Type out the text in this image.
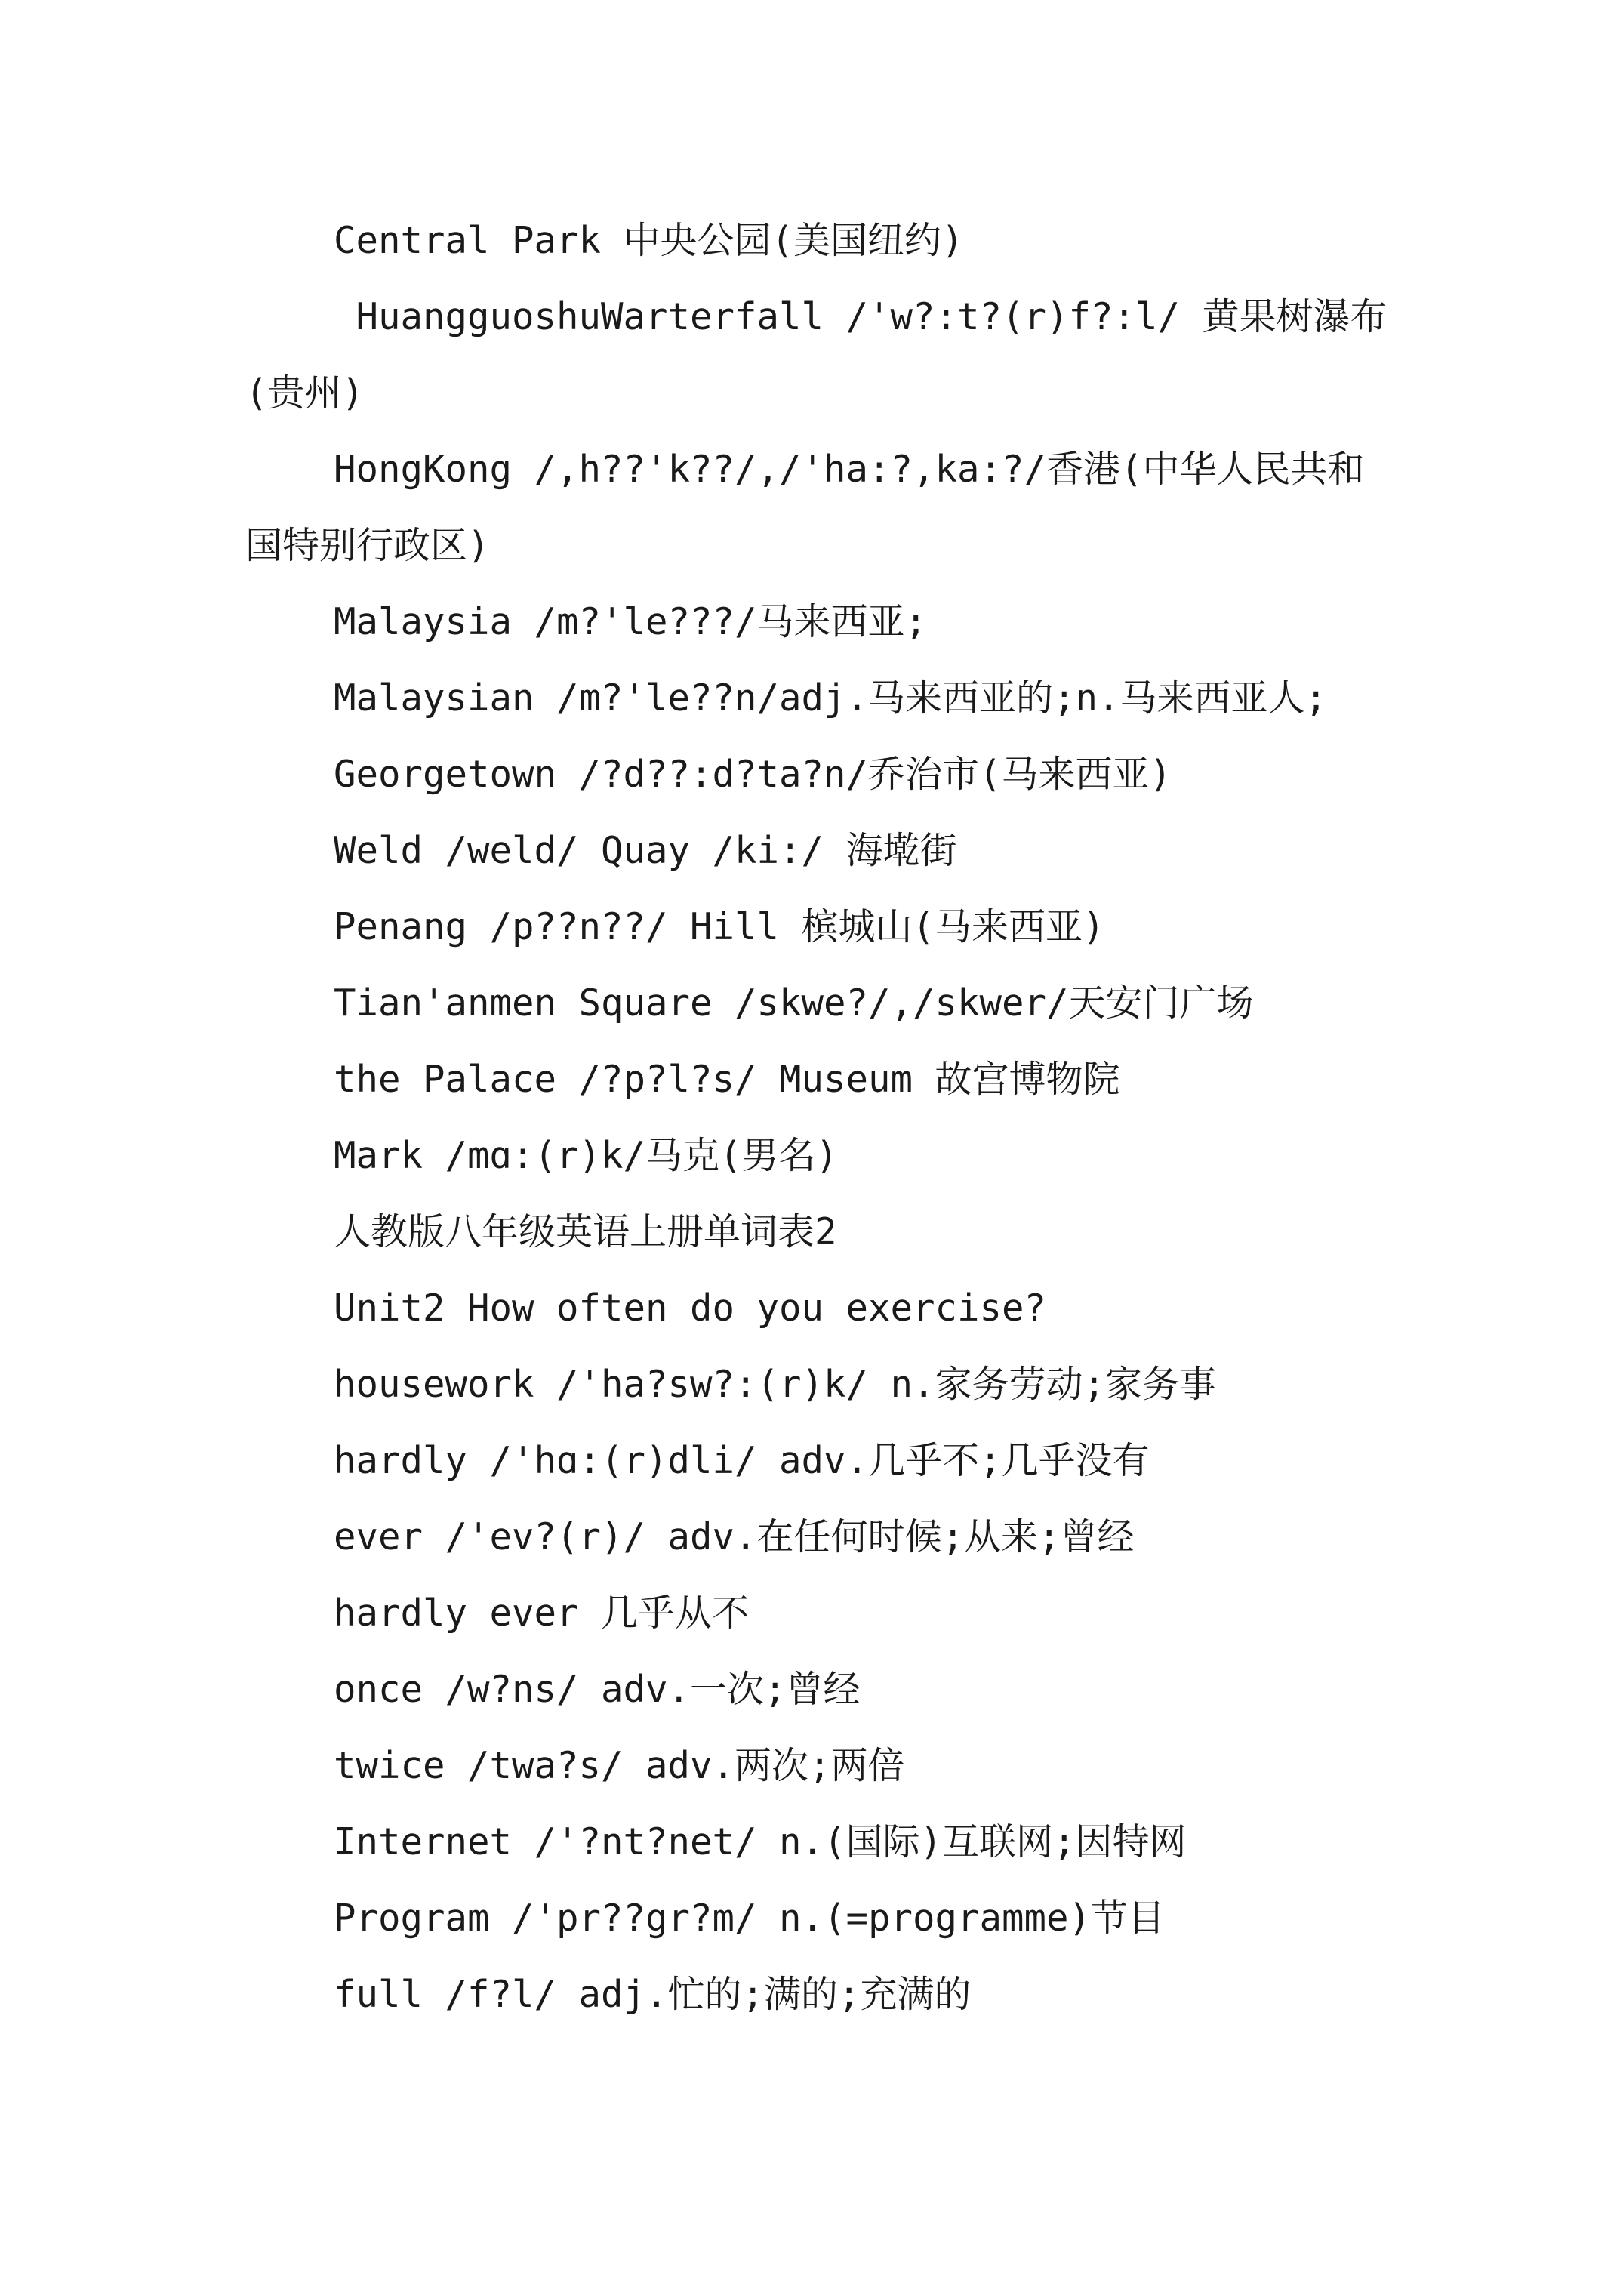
Central Park 中央公园(美国纽约)
HuangguoshuWarterfall /'w?:t?(r)f?:l/ 黄果树瀑布(贵州)
HongKong /,h??'k??/,/'ha:?,ka:?/香港(中华人民共和国特别行政区)
Malaysia /m?'le???/马来西亚;
Malaysian /m?'le??n/adj.马来西亚的;n.马来西亚人;
Georgetown /?d??:d?ta?n/乔治市(马来西亚)
Weld /weld/ Quay /ki:/ 海墘街
Penang /p??n??/ Hill 槟城山(马来西亚)
Tian'anmen Square /skwe?/,/skwer/天安门广场
the Palace /?p?l?s/ Museum 故宫博物院
Mark /mɑ:(r)k/马克(男名)
人教版八年级英语上册单词表2
Unit2 How often do you exercise?
housework /'ha?sw?:(r)k/ n.家务劳动;家务事
hardly /'hɑ:(r)dli/ adv.几乎不;几乎没有
ever /'ev?(r)/ adv.在任何时候;从来;曾经
hardly ever 几乎从不
once /w?ns/ adv.一次;曾经
twice /twa?s/ adv.两次;两倍
Internet /'?nt?net/ n.(国际)互联网;因特网
Program /'pr??gr?m/ n.(=programme)节目
full /f?l/ adj.忙的;满的;充满的
